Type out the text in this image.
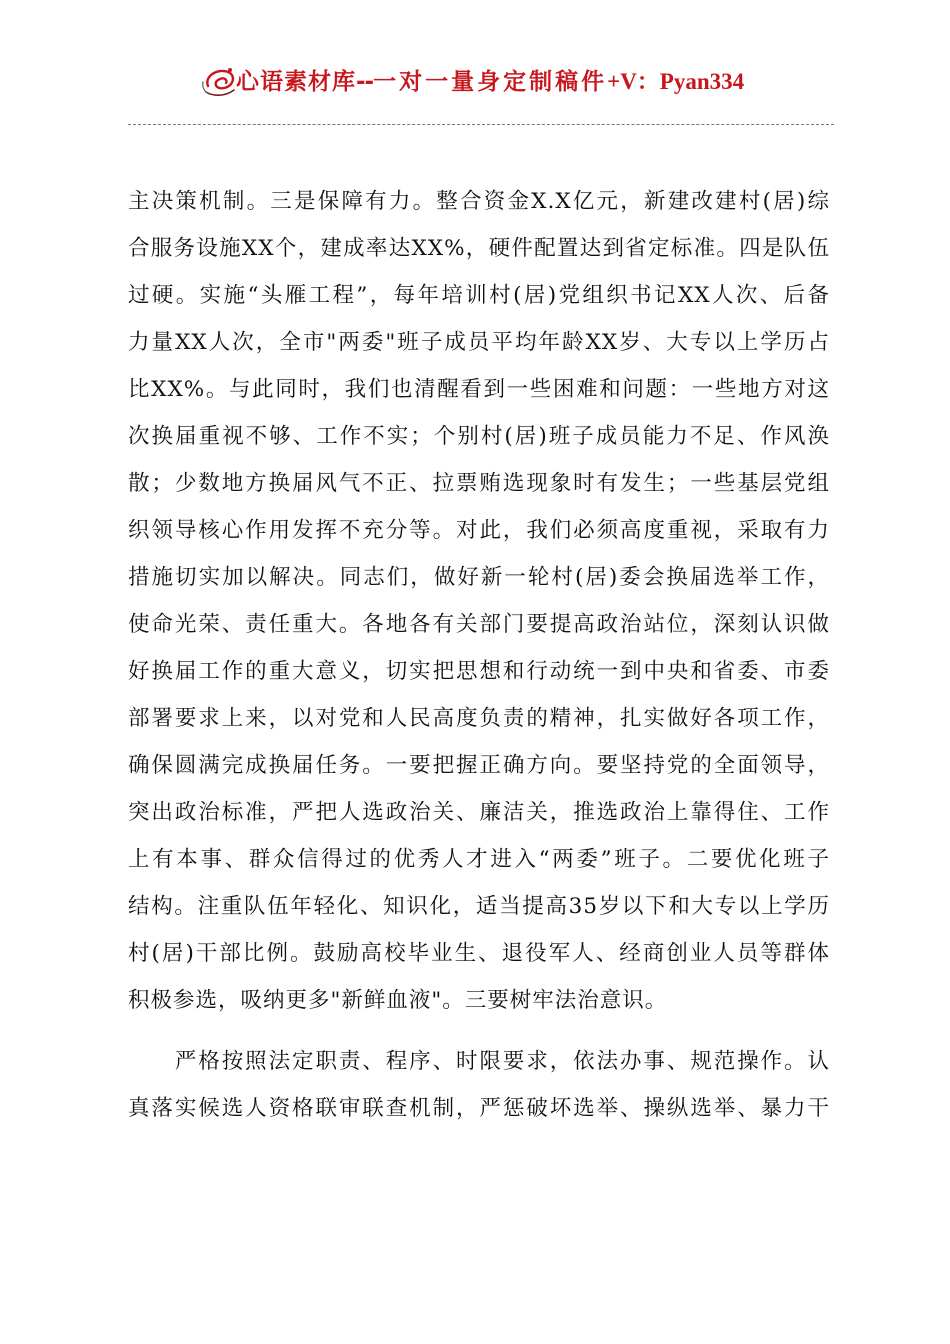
心语素材库--一对一量身定制稿件+V：Pyan334
主决策机制。三是保障有力。整合资金X.X亿元，新建改建村(居)综
合服务设施XX个，建成率达XX%，硬件配置达到省定标准。四是队伍
过硬。实施“头雁工程”，每年培训村(居)党组织书记XX人次、后备
力量XX人次，全市"两委"班子成员平均年龄XX岁、大专以上学历占
比XX%。与此同时，我们也清醒看到一些困难和问题：一些地方对这
次换届重视不够、工作不实；个别村(居)班子成员能力不足、作风涣
散；少数地方换届风气不正、拉票贿选现象时有发生；一些基层党组
织领导核心作用发挥不充分等。对此，我们必须高度重视，采取有力
措施切实加以解决。同志们，做好新一轮村(居)委会换届选举工作，
使命光荣、责任重大。各地各有关部门要提高政治站位，深刻认识做
好换届工作的重大意义，切实把思想和行动统一到中央和省委、市委
部署要求上来，以对党和人民高度负责的精神，扎实做好各项工作，
确保圆满完成换届任务。一要把握正确方向。要坚持党的全面领导，
突出政治标准，严把人选政治关、廉洁关，推选政治上靠得住、工作
上有本事、群众信得过的优秀人才进入“两委”班子。二要优化班子
结构。注重队伍年轻化、知识化，适当提高35岁以下和大专以上学历
村(居)干部比例。鼓励高校毕业生、退役军人、经商创业人员等群体
积极参选，吸纳更多"新鲜血液"。三要树牢法治意识。
　　严格按照法定职责、程序、时限要求，依法办事、规范操作。认
真落实候选人资格联审联查机制，严惩破坏选举、操纵选举、暴力干
